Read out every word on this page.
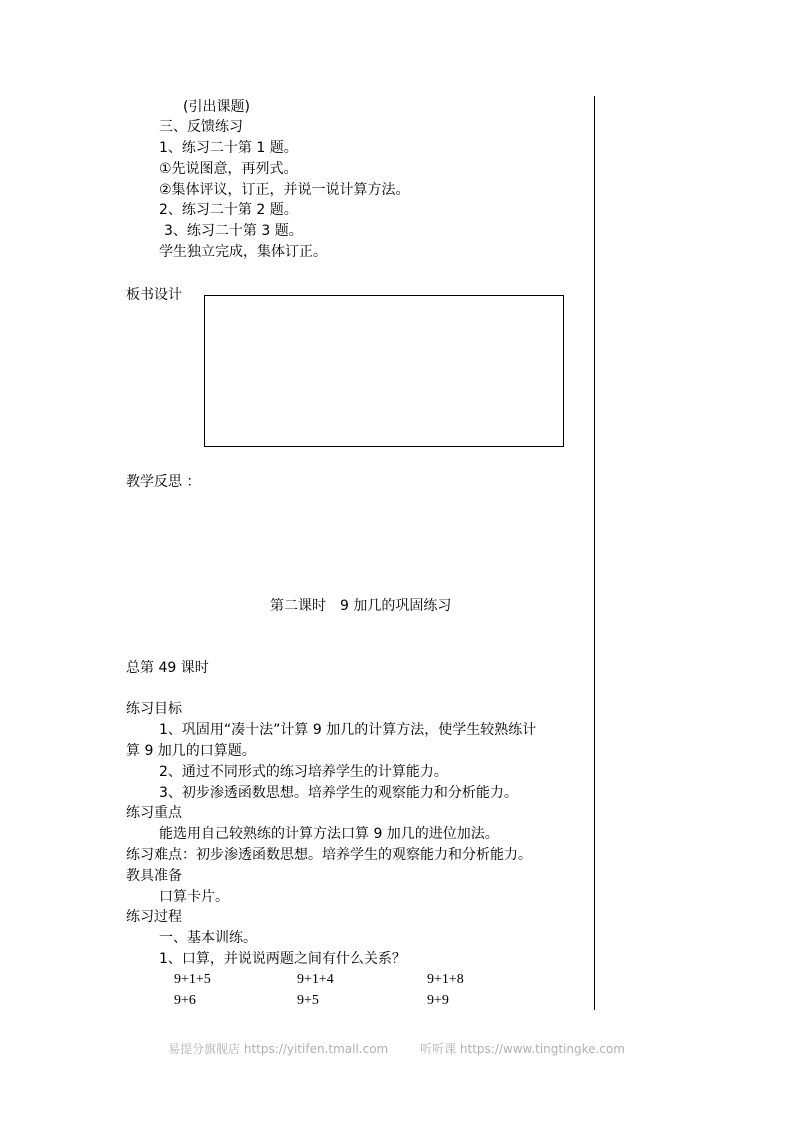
(引出课题)
三、反馈练习
1、练习二十第 1 题。
①先说图意，再列式。
②集体评议，订正，并说一说计算方法。
2、练习二十第 2 题。
3、练习二十第 3 题。
学生独立完成，集体订正。
板书设计
教学反思 ：
第二课时　9 加几的巩固练习
总第 49 课时
练习目标
1、巩固用“凑十法”计算 9 加几的计算方法，使学生较熟练计
算 9 加几的口算题。
2、通过不同形式的练习培养学生的计算能力。
3、初步渗透函数思想。培养学生的观察能力和分析能力。
练习重点
能选用自己较熟练的计算方法口算 9 加几的进位加法。
练习难点：初步渗透函数思想。培养学生的观察能力和分析能力。
教具准备
口算卡片。
练习过程
一、基本训练。
1、口算，并说说两题之间有什么关系？
9+1+5	9+1+4	9+1+8
9+6	9+5	9+9
易提分旗舰店 https://yitifen.tmall.com	听听课 https://www.tingtingke.com
